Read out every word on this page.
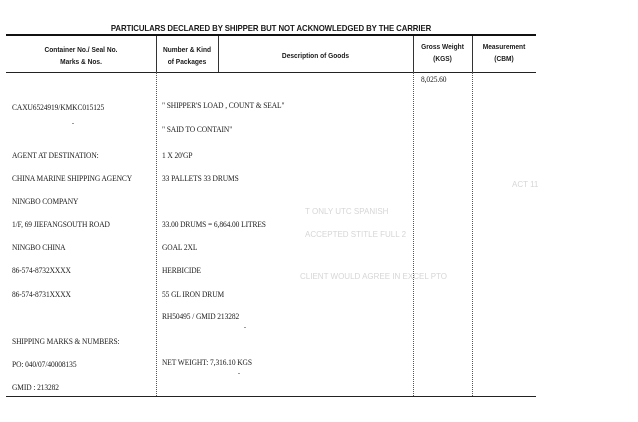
ACT 11
T ONLY UTC SPANISH
ACCEPTED STITLE FULL 2
CLIENT WOULD AGREE IN EXCEL PTO
PARTICULARS DECLARED BY SHIPPER BUT NOT ACKNOWLEDGED BY THE CARRIER
Container No./ Seal No.
Marks & Nos.
Number & Kind
of Packages
Description of Goods
Gross Weight
(KGS)
Measurement
(CBM)
8,025.60
CAXU6524919/KMKC015125
AGENT AT DESTINATION:
CHINA MARINE SHIPPING AGENCY
NINGBO COMPANY
1/F, 69 JIEFANGSOUTH ROAD
NINGBO CHINA
86-574-8732XXXX
86-574-8731XXXX
SHIPPING MARKS & NUMBERS:
PO: 040/07/40008135
GMID : 213282
" SHIPPER'S LOAD , COUNT & SEAL"
" SAID TO CONTAIN"
1 X 20'GP
33 PALLETS 33 DRUMS
33.00 DRUMS = 6,864.00 LITRES
GOAL 2XL
HERBICIDE
55 GL IRON DRUM
RH50495 / GMID 213282
NET WEIGHT: 7,316.10 KGS
